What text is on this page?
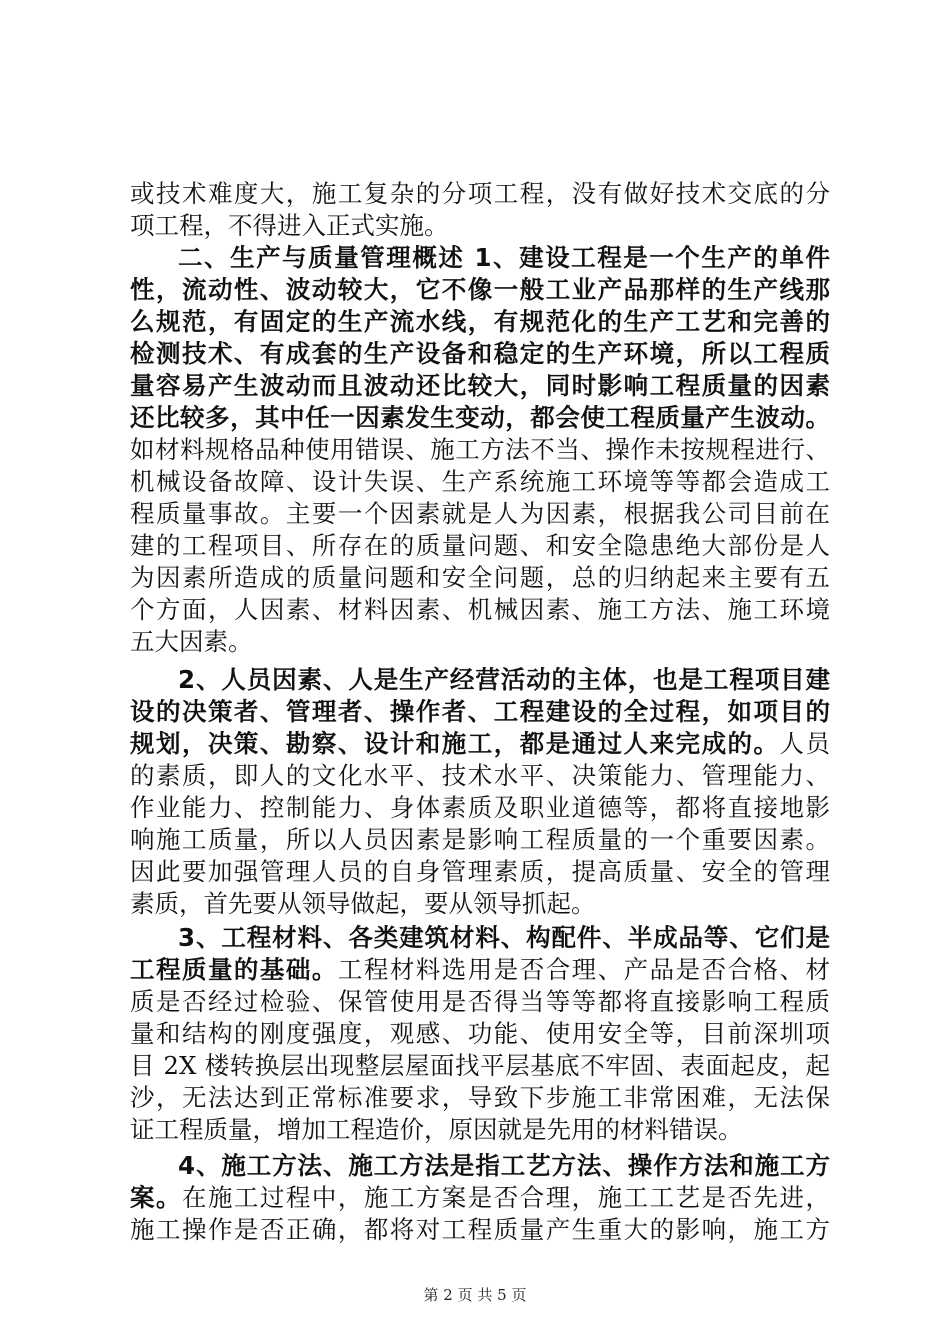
或技术难度大，施工复杂的分项工程，没有做好技术交底的分
项工程，不得进入正式实施。
二、生产与质量管理概述 1、建设工程是一个生产的单件
性，流动性、波动较大，它不像一般工业产品那样的生产线那
么规范，有固定的生产流水线，有规范化的生产工艺和完善的
检测技术、有成套的生产设备和稳定的生产环境，所以工程质
量容易产生波动而且波动还比较大，同时影响工程质量的因素
还比较多，其中任一因素发生变动，都会使工程质量产生波动。
如材料规格品种使用错误、施工方法不当、操作未按规程进行、
机械设备故障、设计失误、生产系统施工环境等等都会造成工
程质量事故。主要一个因素就是人为因素，根据我公司目前在
建的工程项目、所存在的质量问题、和安全隐患绝大部份是人
为因素所造成的质量问题和安全问题，总的归纳起来主要有五
个方面，人因素、材料因素、机械因素、施工方法、施工环境
五大因素。
2、人员因素、人是生产经营活动的主体，也是工程项目建
设的决策者、管理者、操作者、工程建设的全过程，如项目的
规划，决策、勘察、设计和施工，都是通过人来完成的。人员
的素质，即人的文化水平、技术水平、决策能力、管理能力、
作业能力、控制能力、身体素质及职业道德等，都将直接地影
响施工质量，所以人员因素是影响工程质量的一个重要因素。
因此要加强管理人员的自身管理素质，提高质量、安全的管理
素质，首先要从领导做起，要从领导抓起。
3、工程材料、各类建筑材料、构配件、半成品等、它们是
工程质量的基础。工程材料选用是否合理、产品是否合格、材
质是否经过检验、保管使用是否得当等等都将直接影响工程质
量和结构的刚度强度，观感、功能、使用安全等，目前深圳项
目 2X 楼转换层出现整层屋面找平层基底不牢固、表面起皮，起
沙，无法达到正常标准要求，导致下步施工非常困难，无法保
证工程质量，增加工程造价，原因就是先用的材料错误。
4、施工方法、施工方法是指工艺方法、操作方法和施工方
案。在施工过程中，施工方案是否合理，施工工艺是否先进，
施工操作是否正确，都将对工程质量产生重大的影响，施工方
第 2 页 共 5 页
